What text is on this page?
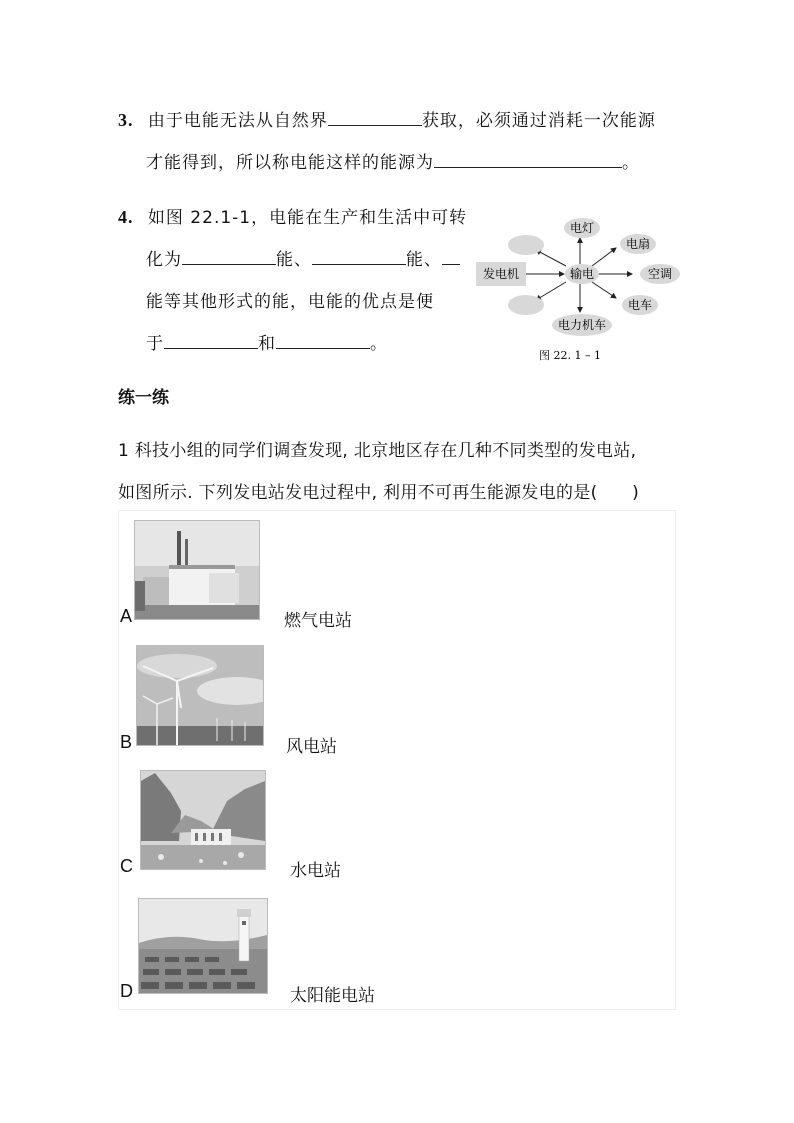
3. 由于电能无法从自然界	获取，必须通过消耗一次能源
才能得到，所以称电能这样的能源为	。
4. 如图 22.1-1，电能在生产和生活中可转
化为	能、	能、
能等其他形式的能，电能的优点是便
于	和	。
发电机	输电
电灯
电扇
空调
电车
电力机车
图 22. 1 – 1
练一练
1 科技小组的同学们调查发现, 北京地区存在几种不同类型的发电站,
如图所示. 下列发电站发电过程中, 利用不可再生能源发电的是(　　)
A	燃气电站
B	风电站
C	水电站
D	太阳能电站
